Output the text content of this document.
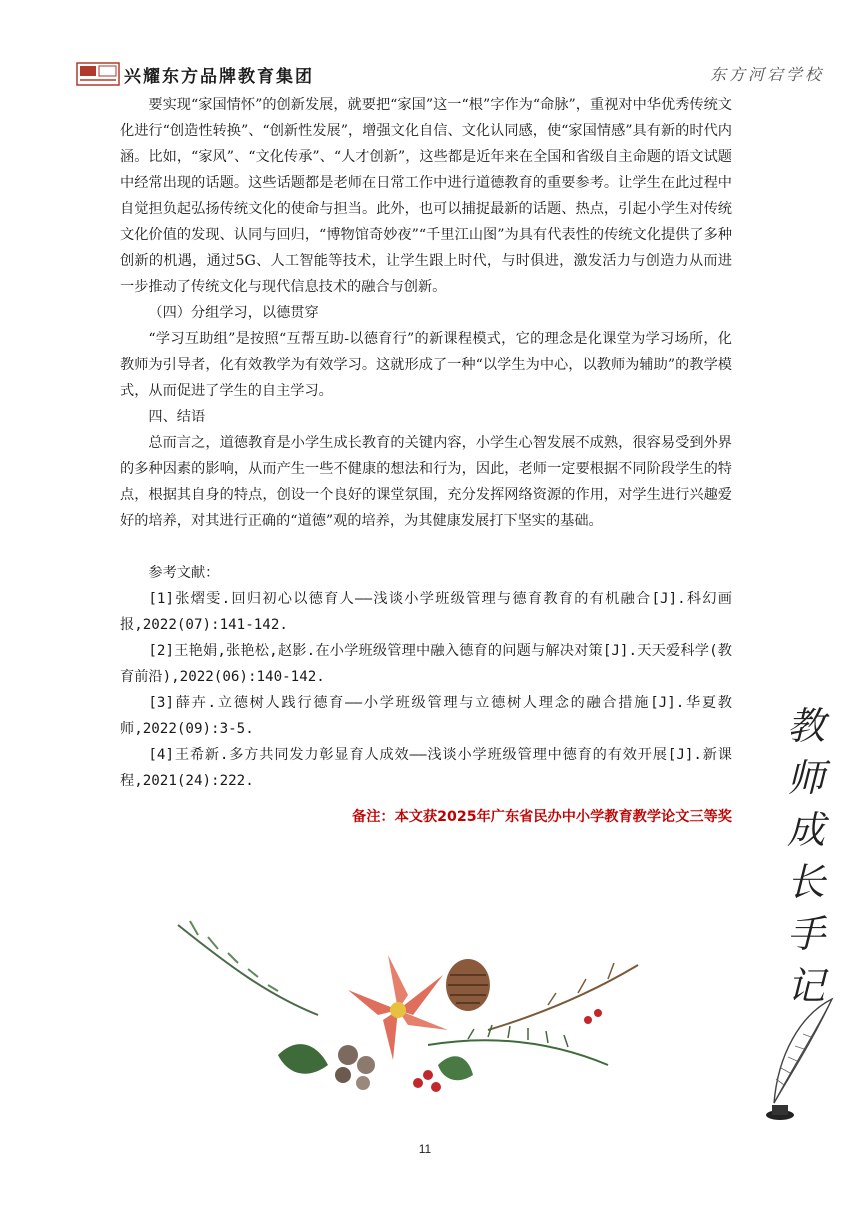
兴耀东方品牌教育集团	东方河宕学校

要实现“家国情怀”的创新发展，就要把“家国”这一“根”字作为“命脉”，重视对中华优秀传统文化进行“创造性转换”、“创新性发展”，增强文化自信、文化认同感，使“家国情感”具有新的时代内涵。比如，“家风”、“文化传承”、“人才创新”，这些都是近年来在全国和省级自主命题的语文试题中经常出现的话题。这些话题都是老师在日常工作中进行道德教育的重要参考。让学生在此过程中自觉担负起弘扬传统文化的使命与担当。此外，也可以捕捉最新的话题、热点，引起小学生对传统文化价值的发现、认同与回归，“博物馆奇妙夜”“千里江山图”为具有代表性的传统文化提供了多种创新的机遇，通过5G、人工智能等技术，让学生跟上时代，与时俱进，激发活力与创造力从而进一步推动了传统文化与现代信息技术的融合与创新。

（四）分组学习，以德贯穿

“学习互助组”是按照“互帮互助-以德育行”的新课程模式，它的理念是化课堂为学习场所，化教师为引导者，化有效教学为有效学习。这就形成了一种“以学生为中心，以教师为辅助”的教学模式，从而促进了学生的自主学习。

四、结语

总而言之，道德教育是小学生成长教育的关键内容，小学生心智发展不成熟，很容易受到外界的多种因素的影响，从而产生一些不健康的想法和行为，因此，老师一定要根据不同阶段学生的特点，根据其自身的特点，创设一个良好的课堂氛围，充分发挥网络资源的作用，对学生进行兴趣爱好的培养，对其进行正确的“道德”观的培养，为其健康发展打下坚实的基础。

参考文献：

[1]张熠雯.回归初心以德育人——浅谈小学班级管理与德育教育的有机融合[J].科幻画报,2022(07):141-142.

[2]王艳娟,张艳松,赵影.在小学班级管理中融入德育的问题与解决对策[J].天天爱科学(教育前沿),2022(06):140-142.

[3]薛卉.立德树人践行德育——小学班级管理与立德树人理念的融合措施[J].华夏教师,2022(09):3-5.

[4]王希新.多方共同发力彰显育人成效——浅谈小学班级管理中德育的有效开展[J].新课程,2021(24):222.

备注：本文获2025年广东省民办中小学教育教学论文三等奖
教
师
成
长
手
记
11
